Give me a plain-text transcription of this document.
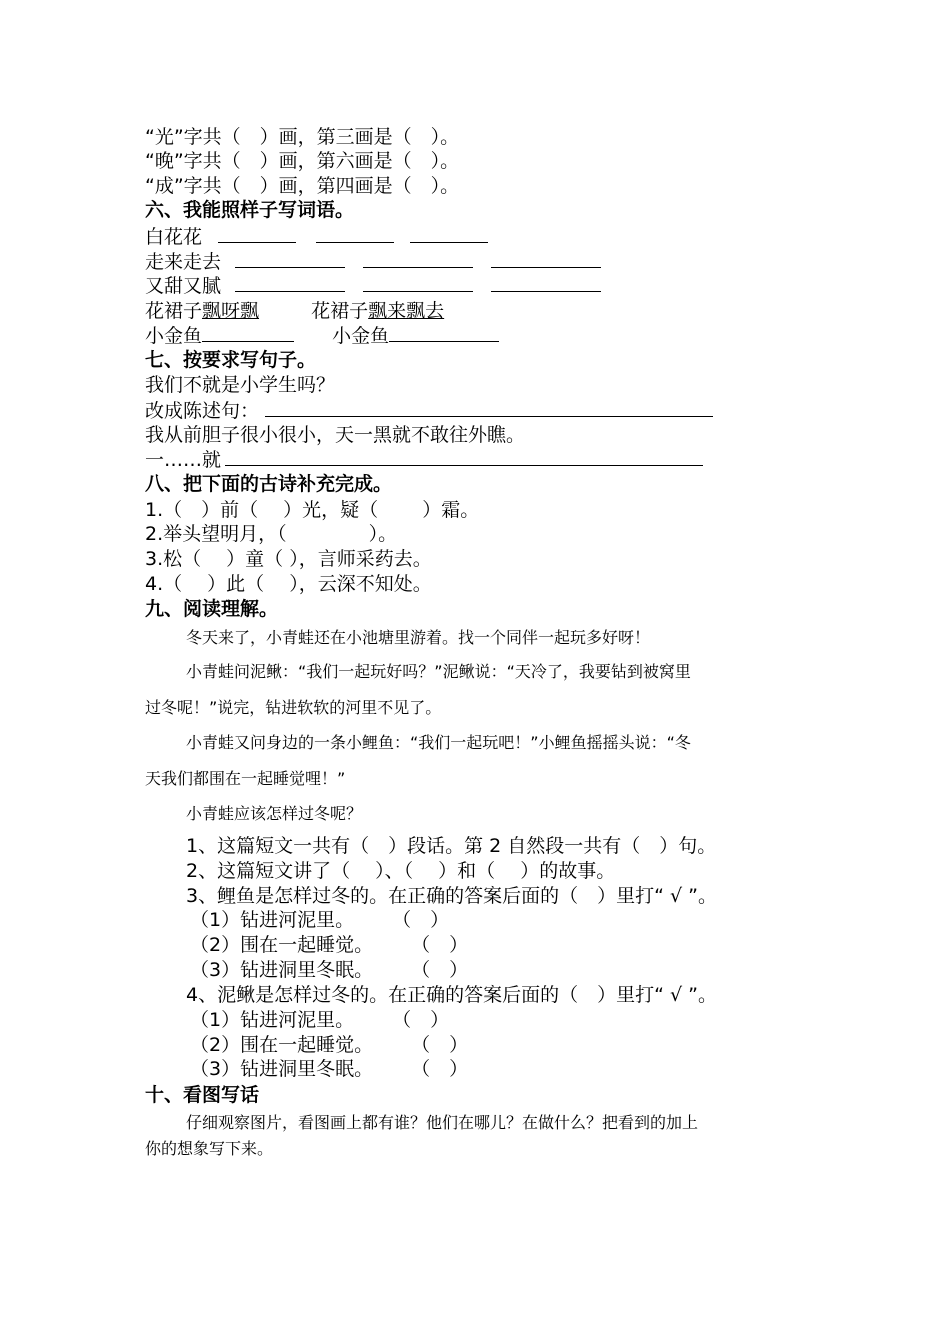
“光”字共（　）画，第三画是（　）。
“晚”字共（　）画，第六画是（　）。
“成”字共（　）画，第四画是（　）。
六、我能照样子写词语。
白花花
走来走去
又甜又腻
花裙子飘呀飘	花裙子飘来飘去
小金鱼	小金鱼
七、按要求写句子。
我们不就是小学生吗？
改成陈述句：
我从前胆子很小很小，天一黑就不敢往外瞧。
一……就
八、把下面的古诗补充完成。
1.（　）前（　 ）光，疑（　　 ）霜。
2.举头望明月，（　　　　 ）。
3.松（　 ）童（ ），言师采药去。
4.（　 ）此（　 ），云深不知处。
九、阅读理解。
冬天来了，小青蛙还在小池塘里游着。找一个同伴一起玩多好呀！
小青蛙问泥鳅：“我们一起玩好吗？”泥鳅说：“天冷了，我要钻到被窝里
过冬呢！”说完，钻进软软的河里不见了。
小青蛙又问身边的一条小鲤鱼：“我们一起玩吧！”小鲤鱼摇摇头说：“冬
天我们都围在一起睡觉哩！”
小青蛙应该怎样过冬呢？
1、这篇短文一共有（　）段话。第 2 自然段一共有（　）句。
2、这篇短文讲了（　 ）、（　 ）和（　 ）的故事。
3、鲤鱼是怎样过冬的。在正确的答案后面的（　）里打“ √ ”。
（1）钻进河泥里。　　　（　）
（2）围在一起睡觉。　　　（　）
（3）钻进洞里冬眠。　　　（　）
4、泥鳅是怎样过冬的。在正确的答案后面的（　）里打“ √ ”。
（1）钻进河泥里。　　　（　）
（2）围在一起睡觉。　　　（　）
（3）钻进洞里冬眠。　　　（　）
十、看图写话
仔细观察图片，看图画上都有谁？他们在哪儿？在做什么？把看到的加上
你的想象写下来。
